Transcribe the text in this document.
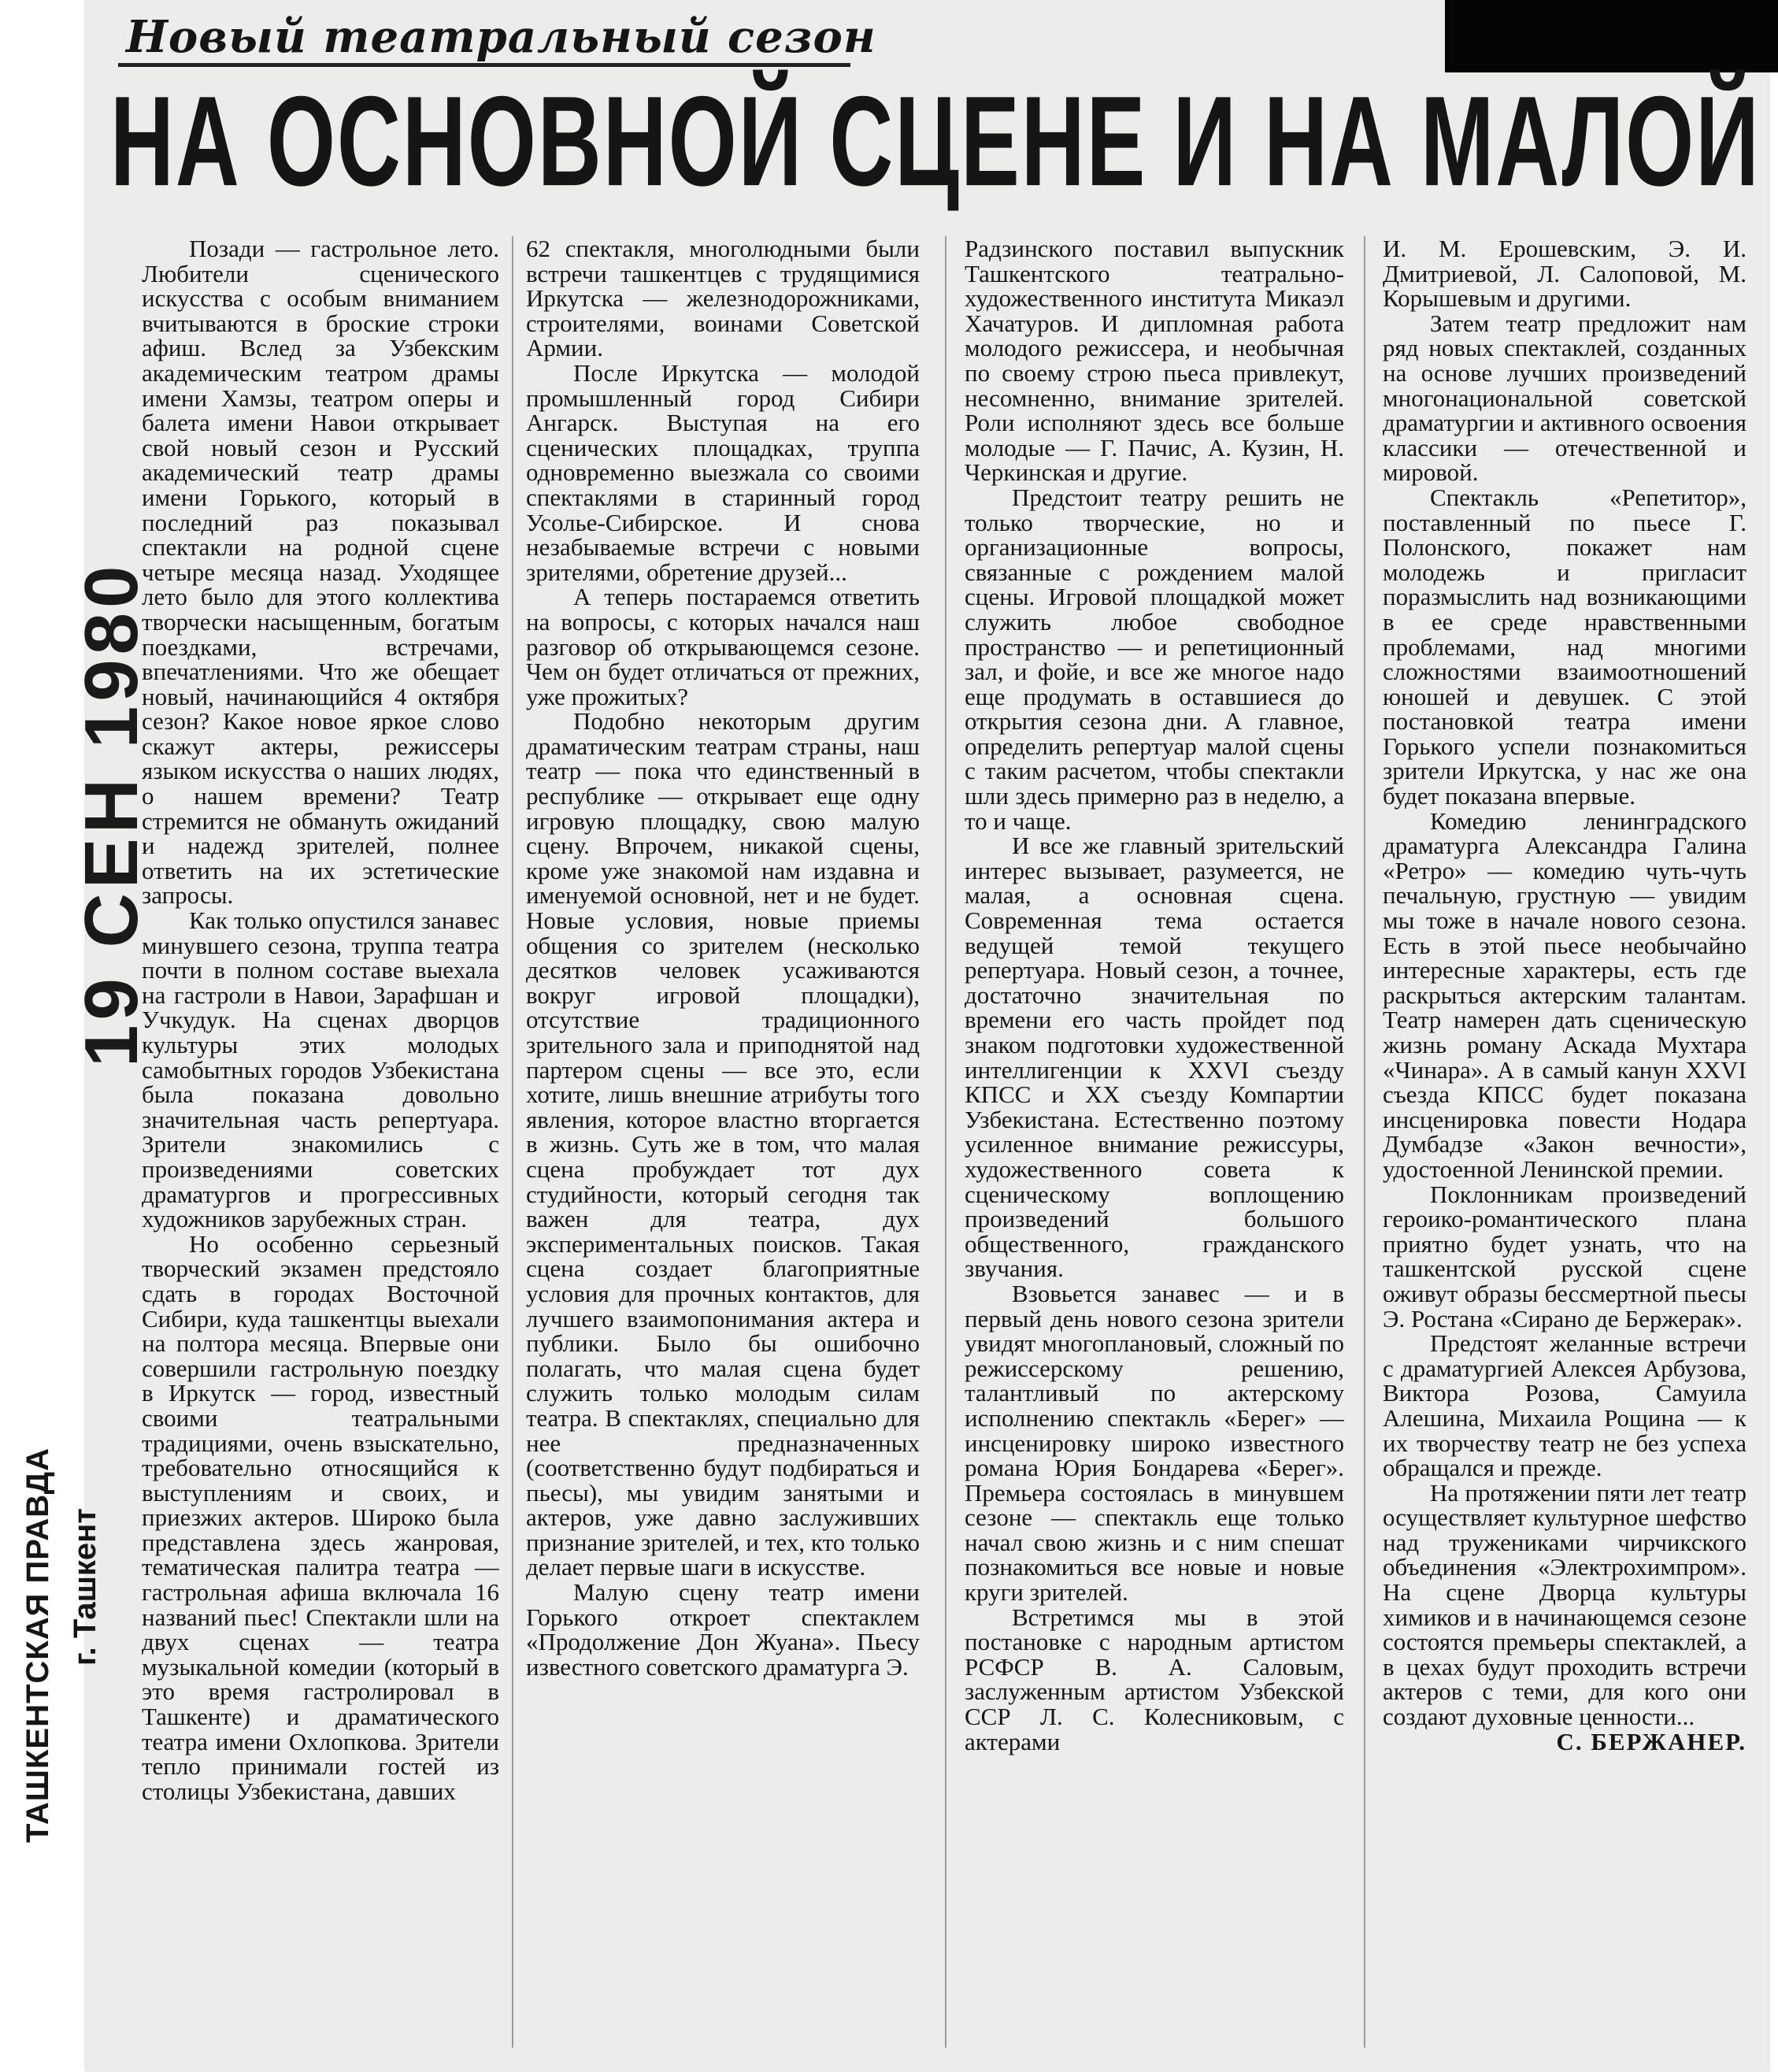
Новый театральный сезон
НА ОСНОВНОЙ СЦЕНЕ И НА МАЛОЙ
19 СЕН 1980
ТАШКЕНТСКАЯ ПРАВДА г. Ташкент

Позади — гастрольное лето. Любители сценического искусства с особым вниманием вчитываются в броские строки афиш. Вслед за Узбекским академическим театром драмы имени Хамзы, театром оперы и балета имени Навои открывает свой новый сезон и Русский академический театр драмы имени Горького, который в последний раз показывал спектакли на родной сцене четыре месяца назад. Уходящее лето было для этого коллектива творчески насыщенным, богатым поездками, встречами, впечатлениями. Что же обещает новый, начинающийся 4 октября сезон? Какое новое яркое слово скажут актеры, режиссеры языком искусства о наших людях, о нашем времени? Театр стремится не обмануть ожиданий и надежд зрителей, полнее ответить на их эстетические запросы.

Как только опустился занавес минувшего сезона, труппа театра почти в полном составе выехала на гастроли в Навои, Зарафшан и Учкудук. На сценах дворцов культуры этих молодых самобытных городов Узбекистана была показана довольно значительная часть репертуара. Зрители знакомились с произведениями советских драматургов и прогрессивных художников зарубежных стран.

Но особенно серьезный творческий экзамен предстояло сдать в городах Восточной Сибири, куда ташкентцы выехали на полтора месяца. Впервые они совершили гастрольную поездку в Иркутск — город, известный своими театральными традициями, очень взыскательно, требовательно относящийся к выступлениям и своих, и приезжих актеров. Широко была представлена здесь жанровая, тематическая палитра театра — гастрольная афиша включала 16 названий пьес! Спектакли шли на двух сценах — театра музыкальной комедии (который в это время гастролировал в Ташкенте) и драматического театра имени Охлопкова. Зрители тепло принимали гостей из столицы Узбекистана, давших

62 спектакля, многолюдными были встречи ташкентцев с трудящимися Иркутска — железнодорожниками, строителями, воинами Советской Армии.

После Иркутска — молодой промышленный город Сибири Ангарск. Выступая на его сценических площадках, труппа одновременно выезжала со своими спектаклями в старинный город Усолье-Сибирское. И снова незабываемые встречи с новыми зрителями, обретение друзей...

А теперь постараемся ответить на вопросы, с которых начался наш разговор об открывающемся сезоне. Чем он будет отличаться от прежних, уже прожитых?

Подобно некоторым другим драматическим театрам страны, наш театр — пока что единственный в республике — открывает еще одну игровую площадку, свою малую сцену. Впрочем, никакой сцены, кроме уже знакомой нам издавна и именуемой основной, нет и не будет. Новые условия, новые приемы общения со зрителем (несколько десятков человек усаживаются вокруг игровой площадки), отсутствие традиционного зрительного зала и приподнятой над партером сцены — все это, если хотите, лишь внешние атрибуты того явления, которое властно вторгается в жизнь. Суть же в том, что малая сцена пробуждает тот дух студийности, который сегодня так важен для театра, дух экспериментальных поисков. Такая сцена создает благоприятные условия для прочных контактов, для лучшего взаимопонимания актера и публики. Было бы ошибочно полагать, что малая сцена будет служить только молодым силам театра. В спектаклях, специально для нее предназначенных (соответственно будут подбираться и пьесы), мы увидим занятыми и актеров, уже давно заслуживших признание зрителей, и тех, кто только делает первые шаги в искусстве.

Малую сцену театр имени Горького откроет спектаклем «Продолжение Дон Жуана». Пьесу известного советского драматурга Э.

Радзинского поставил выпускник Ташкентского театрально-художественного института Микаэл Хачатуров. И дипломная работа молодого режиссера, и необычная по своему строю пьеса привлекут, несомненно, внимание зрителей. Роли исполняют здесь все больше молодые — Г. Пачис, А. Кузин, Н. Черкинская и другие.

Предстоит театру решить не только творческие, но и организационные вопросы, связанные с рождением малой сцены. Игровой площадкой может служить любое свободное пространство — и репетиционный зал, и фойе, и все же многое надо еще продумать в оставшиеся до открытия сезона дни. А главное, определить репертуар малой сцены с таким расчетом, чтобы спектакли шли здесь примерно раз в неделю, а то и чаще.

И все же главный зрительский интерес вызывает, разумеется, не малая, а основная сцена. Современная тема остается ведущей темой текущего репертуара. Новый сезон, а точнее, достаточно значительная по времени его часть пройдет под знаком подготовки художественной интеллигенции к XXVI съезду КПСС и XX съезду Компартии Узбекистана. Естественно поэтому усиленное внимание режиссуры, художественного совета к сценическому воплощению произведений большого общественного, гражданского звучания.

Взовьется занавес — и в первый день нового сезона зрители увидят многоплановый, сложный по режиссерскому решению, талантливый по актерскому исполнению спектакль «Берег» — инсценировку широко известного романа Юрия Бондарева «Берег». Премьера состоялась в минувшем сезоне — спектакль еще только начал свою жизнь и с ним спешат познакомиться все новые и новые круги зрителей.

Встретимся мы в этой постановке с народным артистом РСФСР В. А. Саловым, заслуженным артистом Узбекской ССР Л. С. Колесниковым, с актерами

И. М. Ерошевским, Э. И. Дмитриевой, Л. Салоповой, М. Корышевым и другими.

Затем театр предложит нам ряд новых спектаклей, созданных на основе лучших произведений многонациональной советской драматургии и активного освоения классики — отечественной и мировой.

Спектакль «Репетитор», поставленный по пьесе Г. Полонского, покажет нам молодежь и пригласит поразмыслить над возникающими в ее среде нравственными проблемами, над многими сложностями взаимоотношений юношей и девушек. С этой постановкой театра имени Горького успели познакомиться зрители Иркутска, у нас же она будет показана впервые.

Комедию ленинградского драматурга Александра Галина «Ретро» — комедию чуть-чуть печальную, грустную — увидим мы тоже в начале нового сезона. Есть в этой пьесе необычайно интересные характеры, есть где раскрыться актерским талантам. Театр намерен дать сценическую жизнь роману Аскада Мухтара «Чинара». А в самый канун XXVI съезда КПСС будет показана инсценировка повести Нодара Думбадзе «Закон вечности», удостоенной Ленинской премии.

Поклонникам произведений героико-романтического плана приятно будет узнать, что на ташкентской русской сцене оживут образы бессмертной пьесы Э. Ростана «Сирано де Бержерак».

Предстоят желанные встречи с драматургией Алексея Арбузова, Виктора Розова, Самуила Алешина, Михаила Рощина — к их творчеству театр не без успеха обращался и прежде.

На протяжении пяти лет театр осуществляет культурное шефство над тружениками чирчикского объединения «Электрохимпром». На сцене Дворца культуры химиков и в начинающемся сезоне состоятся премьеры спектаклей, а в цехах будут проходить встречи актеров с теми, для кого они создают духовные ценности...

С. БЕРЖАНЕР.
